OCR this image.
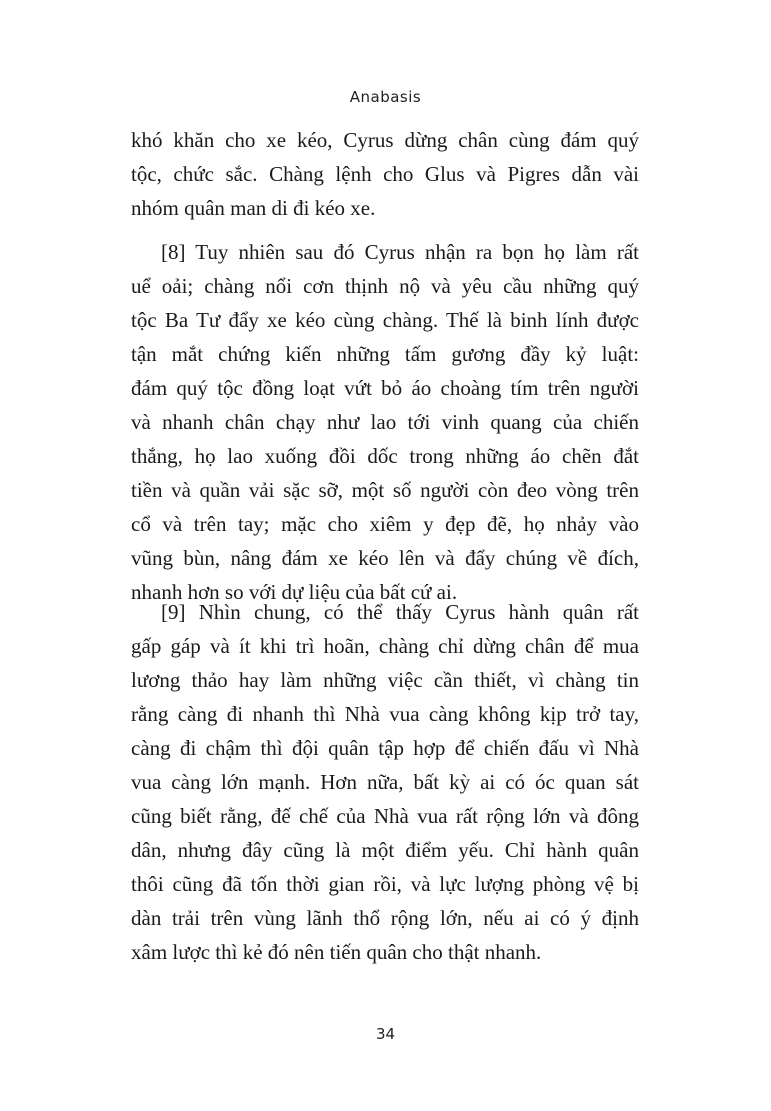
Anabasis
khó khăn cho xe kéo, Cyrus dừng chân cùng đám quý
tộc, chức sắc. Chàng lệnh cho Glus và Pigres dẫn vài
nhóm quân man di đi kéo xe.
[8] Tuy nhiên sau đó Cyrus nhận ra bọn họ làm rất
uể oải; chàng nổi cơn thịnh nộ và yêu cầu những quý
tộc Ba Tư đẩy xe kéo cùng chàng. Thế là binh lính được
tận mắt chứng kiến những tấm gương đầy kỷ luật:
đám quý tộc đồng loạt vứt bỏ áo choàng tím trên người
và nhanh chân chạy như lao tới vinh quang của chiến
thắng, họ lao xuống đồi dốc trong những áo chẽn đắt
tiền và quần vải sặc sỡ, một số người còn đeo vòng trên
cổ và trên tay; mặc cho xiêm y đẹp đẽ, họ nhảy vào
vũng bùn, nâng đám xe kéo lên và đẩy chúng về đích,
nhanh hơn so với dự liệu của bất cứ ai.
[9] Nhìn chung, có thể thấy Cyrus hành quân rất
gấp gáp và ít khi trì hoãn, chàng chỉ dừng chân để mua
lương thảo hay làm những việc cần thiết, vì chàng tin
rằng càng đi nhanh thì Nhà vua càng không kịp trở tay,
càng đi chậm thì đội quân tập hợp để chiến đấu vì Nhà
vua càng lớn mạnh. Hơn nữa, bất kỳ ai có óc quan sát
cũng biết rằng, đế chế của Nhà vua rất rộng lớn và đông
dân, nhưng đây cũng là một điểm yếu. Chỉ hành quân
thôi cũng đã tốn thời gian rồi, và lực lượng phòng vệ bị
dàn trải trên vùng lãnh thổ rộng lớn, nếu ai có ý định
xâm lược thì kẻ đó nên tiến quân cho thật nhanh.
34
